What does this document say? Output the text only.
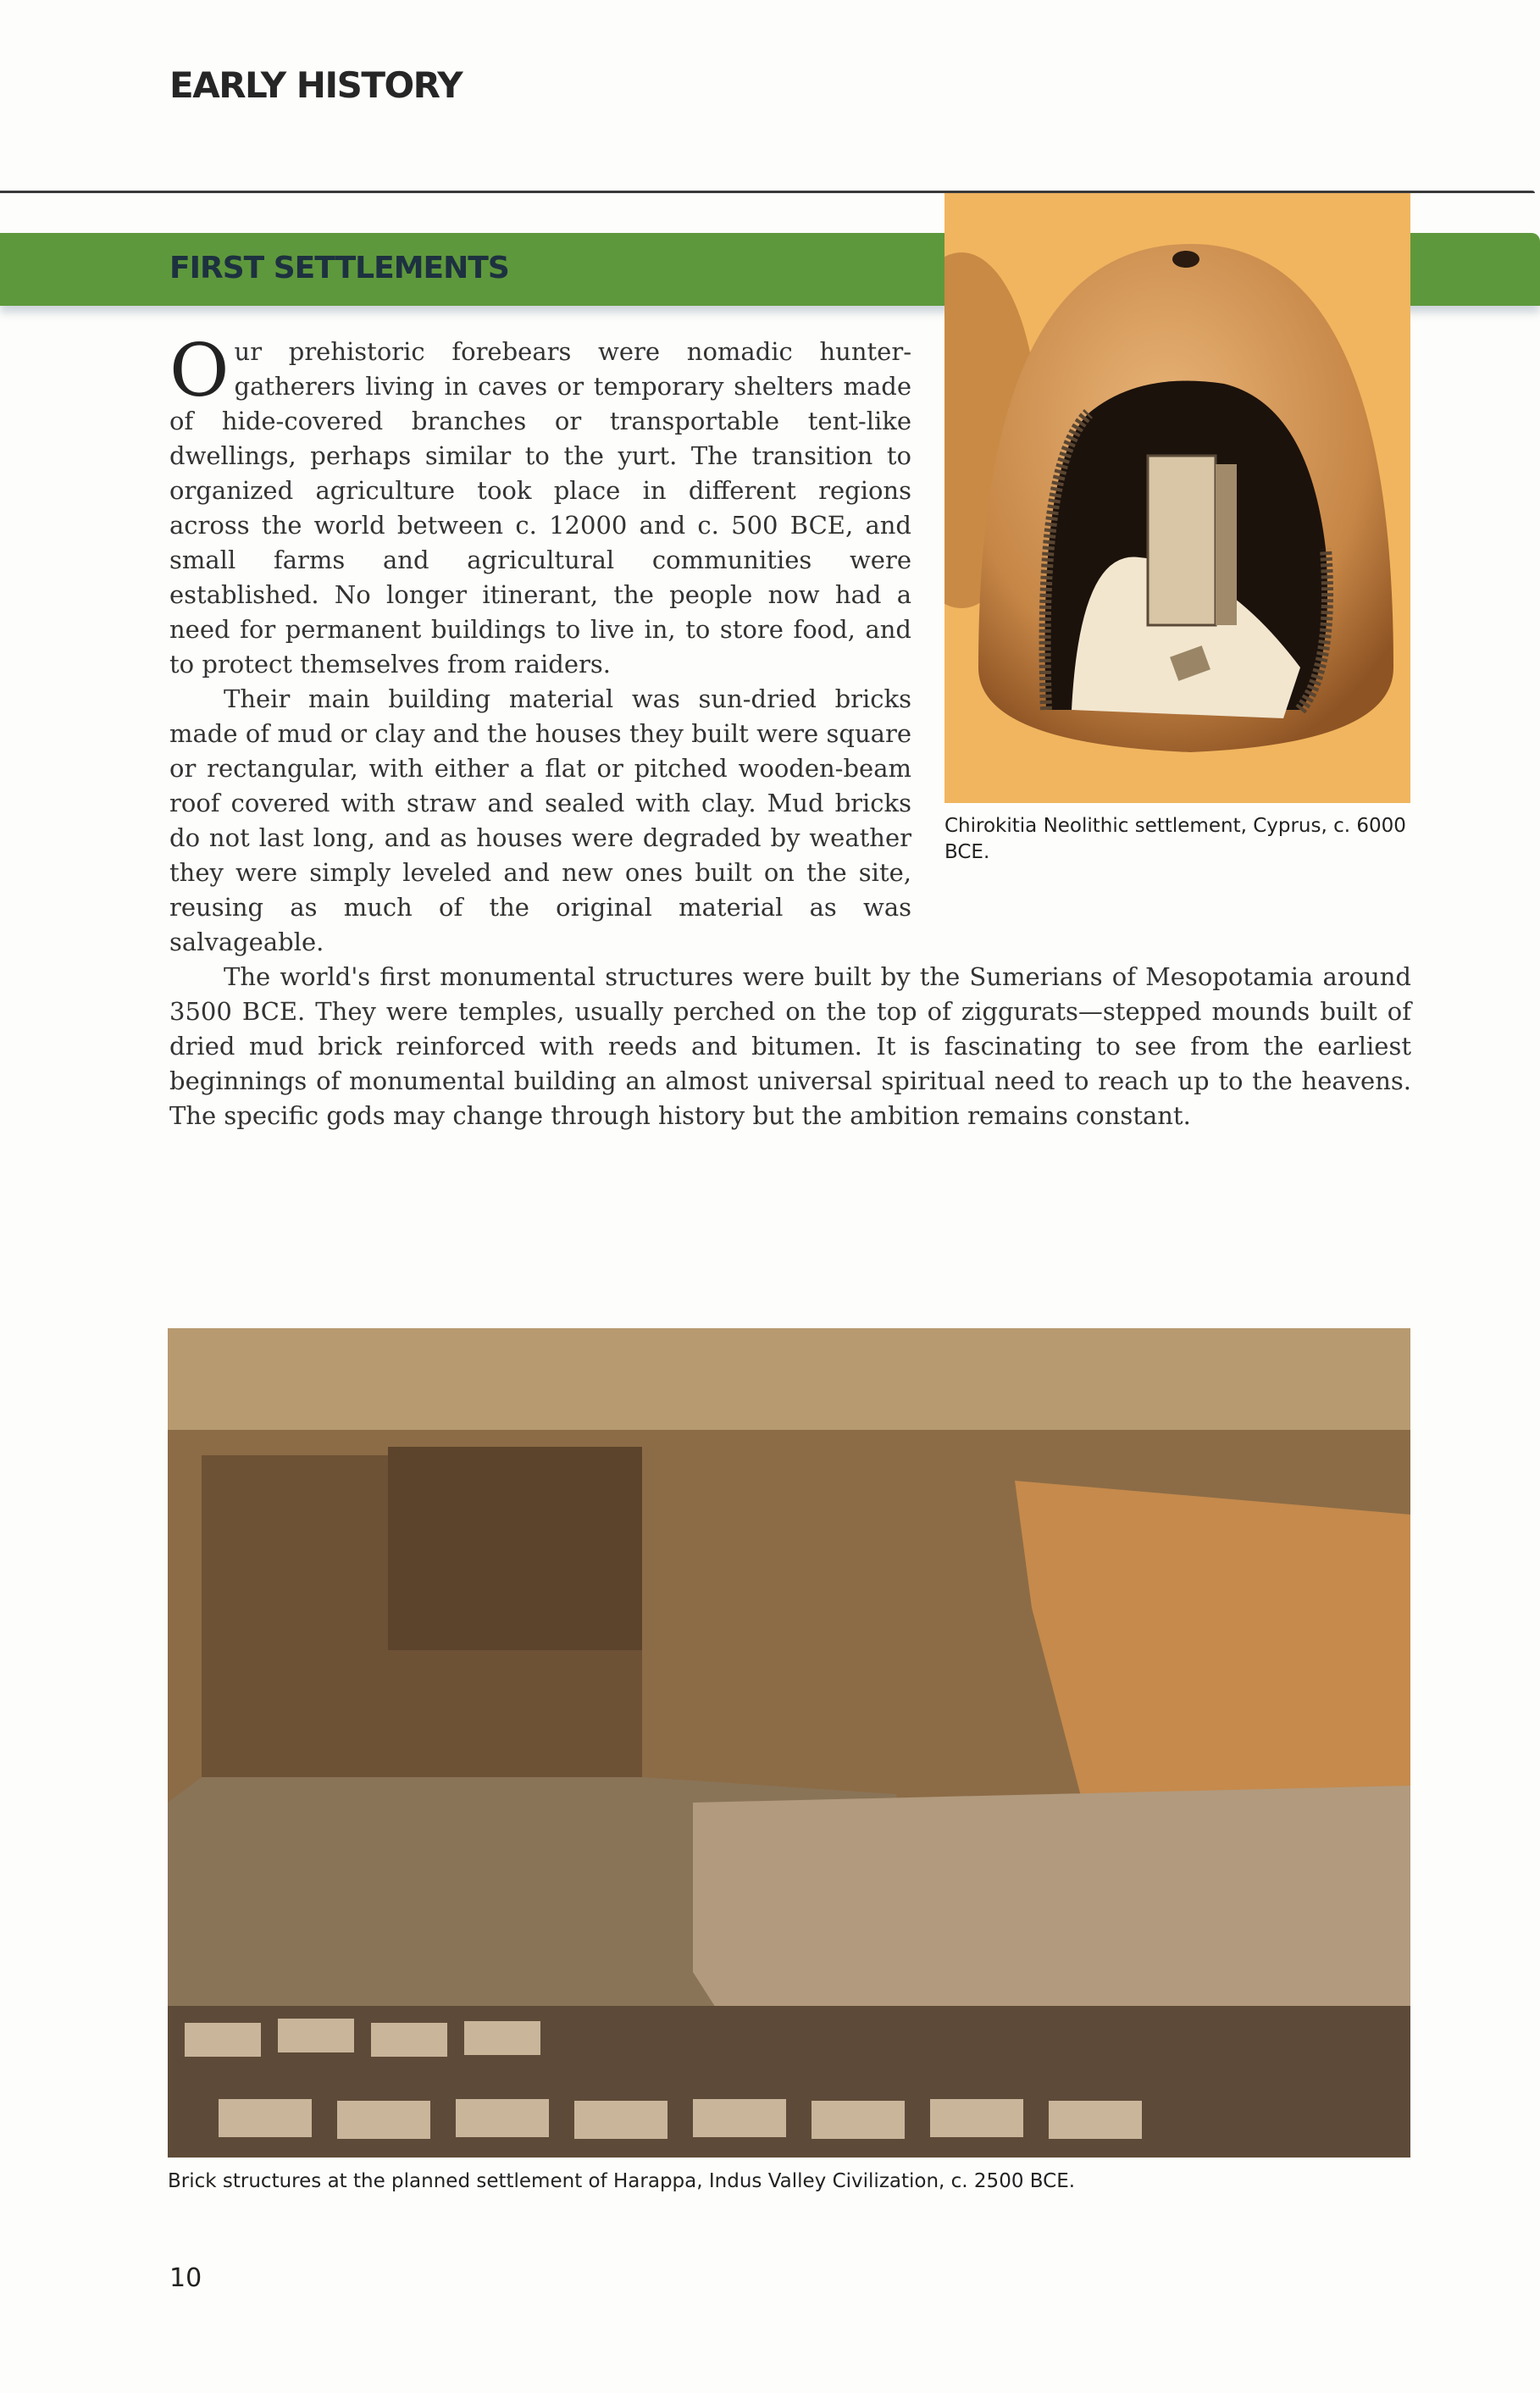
EARLY HISTORY
FIRST SETTLEMENTS
Chirokitia Neolithic settlement, Cyprus, c. 6000 BCE.

Our prehistoric forebears were nomadic hunter-gatherers living in caves or temporary shelters made of hide-covered branches or transportable tent-like dwellings, perhaps similar to the yurt. The transition to organized agriculture took place in different regions across the world between c. 12000 and c. 500 BCE, and small farms and agricultural communities were established. No longer itinerant, the people now had a need for permanent buildings to live in, to store food, and to protect themselves from raiders.

Their main building material was sun-dried bricks made of mud or clay and the houses they built were square or rectangular, with either a flat or pitched wooden-beam roof covered with straw and sealed with clay. Mud bricks do not last long, and as houses were degraded by weather they were simply leveled and new ones built on the site, reusing as much of the original material as was salvageable.

The world's first monumental structures were built by the Sumerians of Mesopotamia around 3500 BCE. They were temples, usually perched on the top of ziggurats—stepped mounds built of dried mud brick reinforced with reeds and bitumen. It is fascinating to see from the earliest beginnings of monumental building an almost universal spiritual need to reach up to the heavens. The specific gods may change through history but the ambition remains constant.

Brick structures at the planned settlement of Harappa, Indus Valley Civilization, c. 2500 BCE.
10
